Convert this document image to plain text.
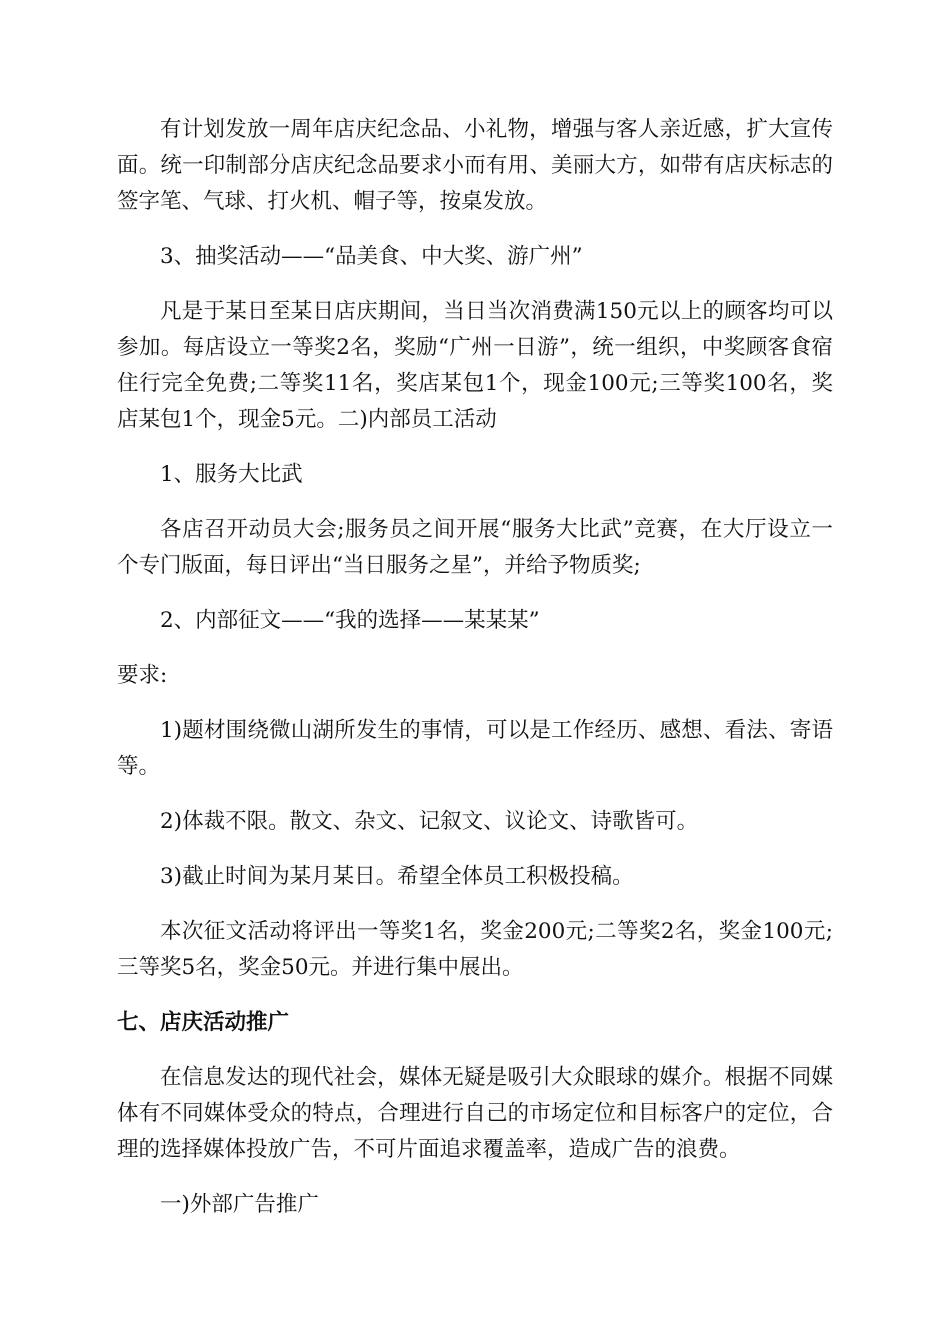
有计划发放一周年店庆纪念品、小礼物，增强与客人亲近感，扩大宣传面。统一印制部分店庆纪念品要求小而有用、美丽大方，如带有店庆标志的签字笔、气球、打火机、帽子等，按桌发放。

3、抽奖活动——“品美食、中大奖、游广州”

凡是于某日至某日店庆期间，当日当次消费满150元以上的顾客均可以参加。每店设立一等奖2名，奖励“广州一日游”，统一组织，中奖顾客食宿住行完全免费;二等奖11名，奖店某包1个，现金100元;三等奖100名，奖店某包1个，现金5元。二)内部员工活动

1、服务大比武

各店召开动员大会;服务员之间开展“服务大比武”竞赛，在大厅设立一个专门版面，每日评出“当日服务之星”，并给予物质奖;

2、内部征文——“我的选择——某某某”

要求:

1)题材围绕微山湖所发生的事情，可以是工作经历、感想、看法、寄语等。

2)体裁不限。散文、杂文、记叙文、议论文、诗歌皆可。

3)截止时间为某月某日。希望全体员工积极投稿。

本次征文活动将评出一等奖1名，奖金200元;二等奖2名，奖金100元;三等奖5名，奖金50元。并进行集中展出。

七、店庆活动推广

在信息发达的现代社会，媒体无疑是吸引大众眼球的媒介。根据不同媒体有不同媒体受众的特点，合理进行自己的市场定位和目标客户的定位，合理的选择媒体投放广告，不可片面追求覆盖率，造成广告的浪费。

一)外部广告推广
